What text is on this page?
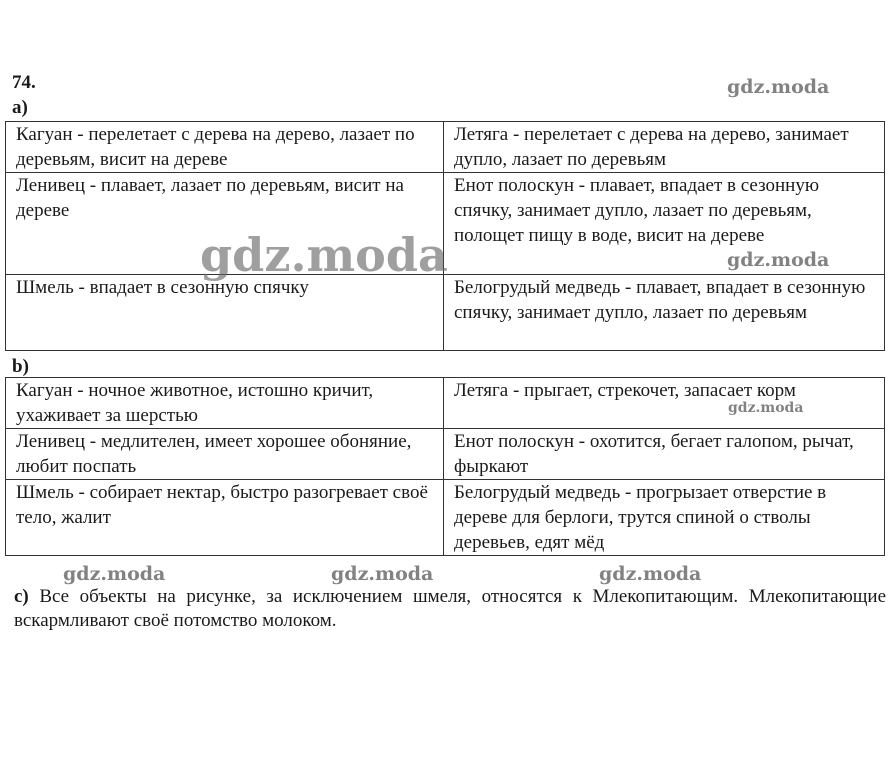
74.
а)
Кагуан - перелетает с дерева на дерево, лазает по деревьям, висит на дереве	Летяга - перелетает с дерева на дерево, занимает дупло, лазает по деревьям
Ленивец - плавает, лазает по деревьям, висит на дереве	Енот полоскун - плавает, впадает в сезонную спячку, занимает дупло, лазает по деревьям, полощет пищу в воде, висит на дереве
Шмель - впадает в сезонную спячку	Белогрудый медведь - плавает, впадает в сезонную спячку, занимает дупло, лазает по деревьям
b)
Кагуан - ночное животное, истошно кричит, ухаживает за шерстью	Летяга - прыгает, стрекочет, запасает корм
Ленивец - медлителен, имеет хорошее обоняние, любит поспать	Енот полоскун - охотится, бегает галопом, рычат, фыркают
Шмель - собирает нектар, быстро разогревает своё тело, жалит	Белогрудый медведь - прогрызает отверстие в дереве для берлоги, трутся спиной о стволы деревьев, едят мёд
с) Все объекты на рисунке, за исключением шмеля, относятся к Млекопитающим. Млекопитающие вскармливают своё потомство молоком.
gdz.moda
gdz.moda	gdz.moda
gdz.moda
gdz.moda	gdz.moda	gdz.moda
